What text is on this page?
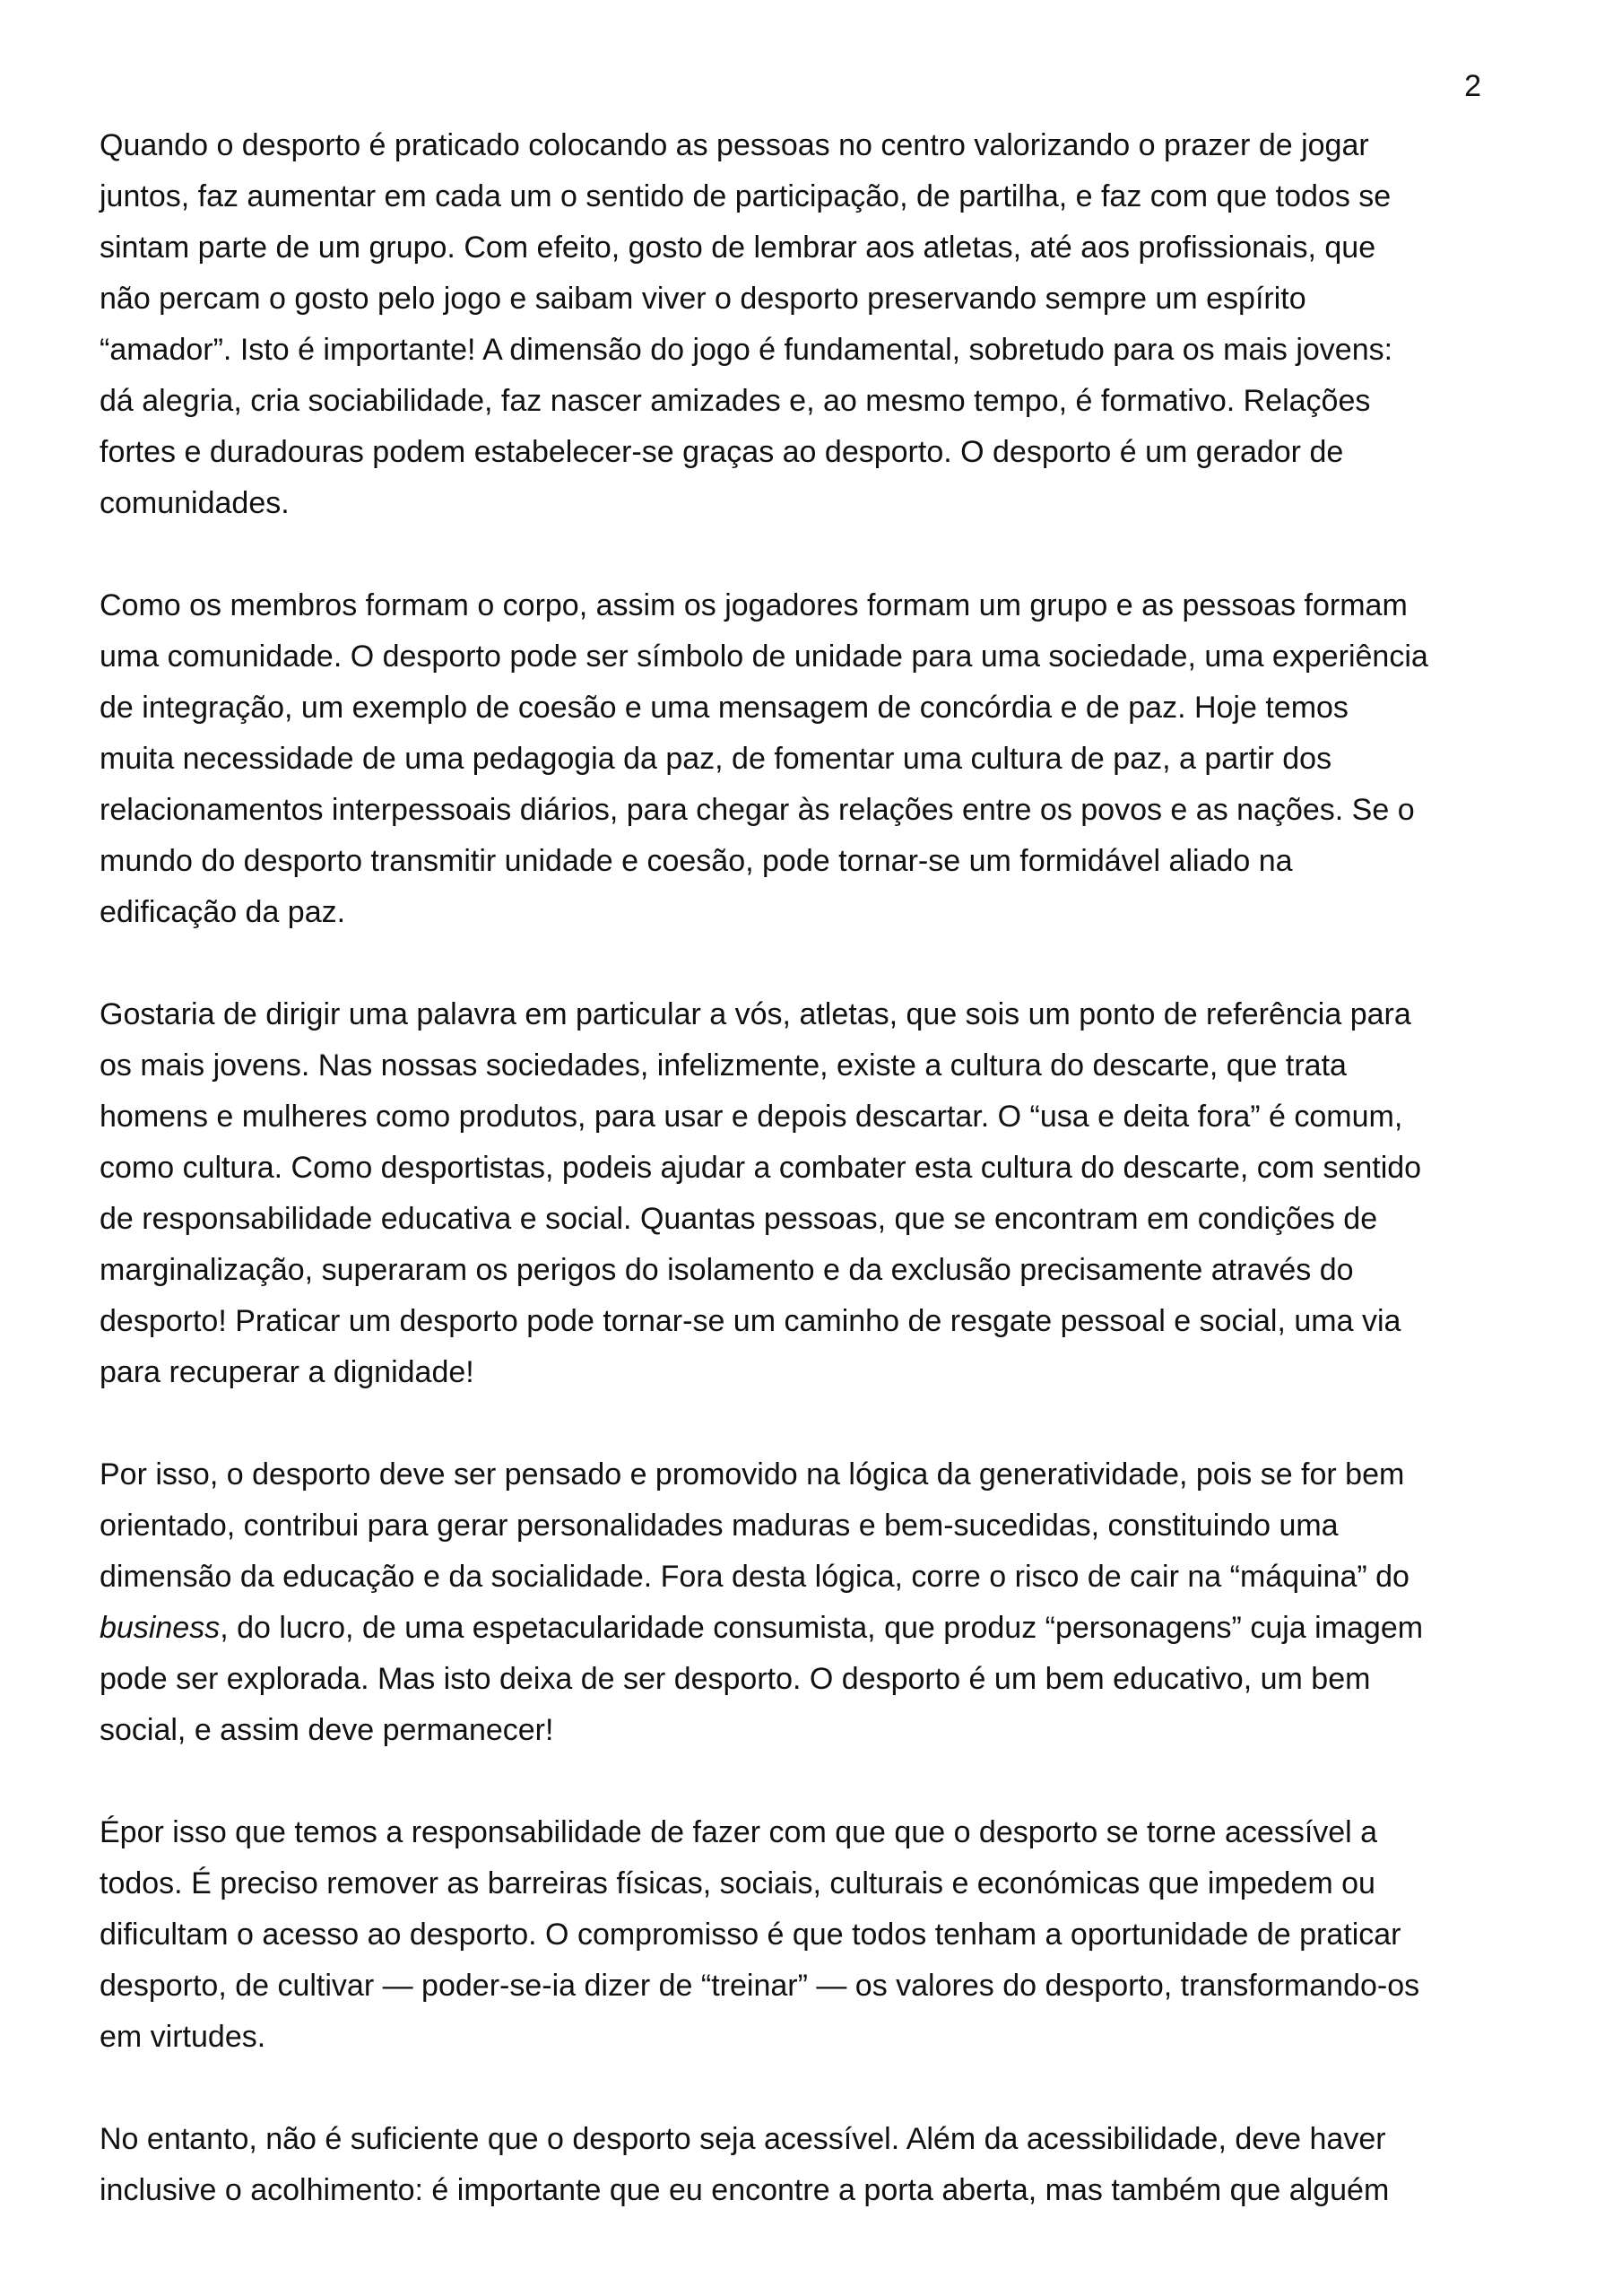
2
Quando o desporto é praticado colocando as pessoas no centro valorizando o prazer de jogar
juntos, faz aumentar em cada um o sentido de participação, de partilha, e faz com que todos se
sintam parte de um grupo. Com efeito, gosto de lembrar aos atletas, até aos profissionais, que
não percam o gosto pelo jogo e saibam viver o desporto preservando sempre um espírito
“amador”. Isto é importante! A dimensão do jogo é fundamental, sobretudo para os mais jovens:
dá alegria, cria sociabilidade, faz nascer amizades e, ao mesmo tempo, é formativo. Relações
fortes e duradouras podem estabelecer-se graças ao desporto. O desporto é um gerador de
comunidades.
Como os membros formam o corpo, assim os jogadores formam um grupo e as pessoas formam
uma comunidade. O desporto pode ser símbolo de unidade para uma sociedade, uma experiência
de integração, um exemplo de coesão e uma mensagem de concórdia e de paz. Hoje temos
muita necessidade de uma pedagogia da paz, de fomentar uma cultura de paz, a partir dos
relacionamentos interpessoais diários, para chegar às relações entre os povos e as nações. Se o
mundo do desporto transmitir unidade e coesão, pode tornar-se um formidável aliado na
edificação da paz.
Gostaria de dirigir uma palavra em particular a vós, atletas, que sois um ponto de referência para
os mais jovens. Nas nossas sociedades, infelizmente, existe a cultura do descarte, que trata
homens e mulheres como produtos, para usar e depois descartar. O “usa e deita fora” é comum,
como cultura. Como desportistas, podeis ajudar a combater esta cultura do descarte, com sentido
de responsabilidade educativa e social. Quantas pessoas, que se encontram em condições de
marginalização, superaram os perigos do isolamento e da exclusão precisamente através do
desporto! Praticar um desporto pode tornar-se um caminho de resgate pessoal e social, uma via
para recuperar a dignidade!
Por isso, o desporto deve ser pensado e promovido na lógica da generatividade, pois se for bem
orientado, contribui para gerar personalidades maduras e bem-sucedidas, constituindo uma
dimensão da educação e da socialidade. Fora desta lógica, corre o risco de cair na “máquina” do
business, do lucro, de uma espetacularidade consumista, que produz “personagens” cuja imagem
pode ser explorada. Mas isto deixa de ser desporto. O desporto é um bem educativo, um bem
social, e assim deve permanecer!
Épor isso que temos a responsabilidade de fazer com que que o desporto se torne acessível a
todos. É preciso remover as barreiras físicas, sociais, culturais e económicas que impedem ou
dificultam o acesso ao desporto. O compromisso é que todos tenham a oportunidade de praticar
desporto, de cultivar — poder-se-ia dizer de “treinar” — os valores do desporto, transformando-os
em virtudes.
No entanto, não é suficiente que o desporto seja acessível. Além da acessibilidade, deve haver
inclusive o acolhimento: é importante que eu encontre a porta aberta, mas também que alguém
